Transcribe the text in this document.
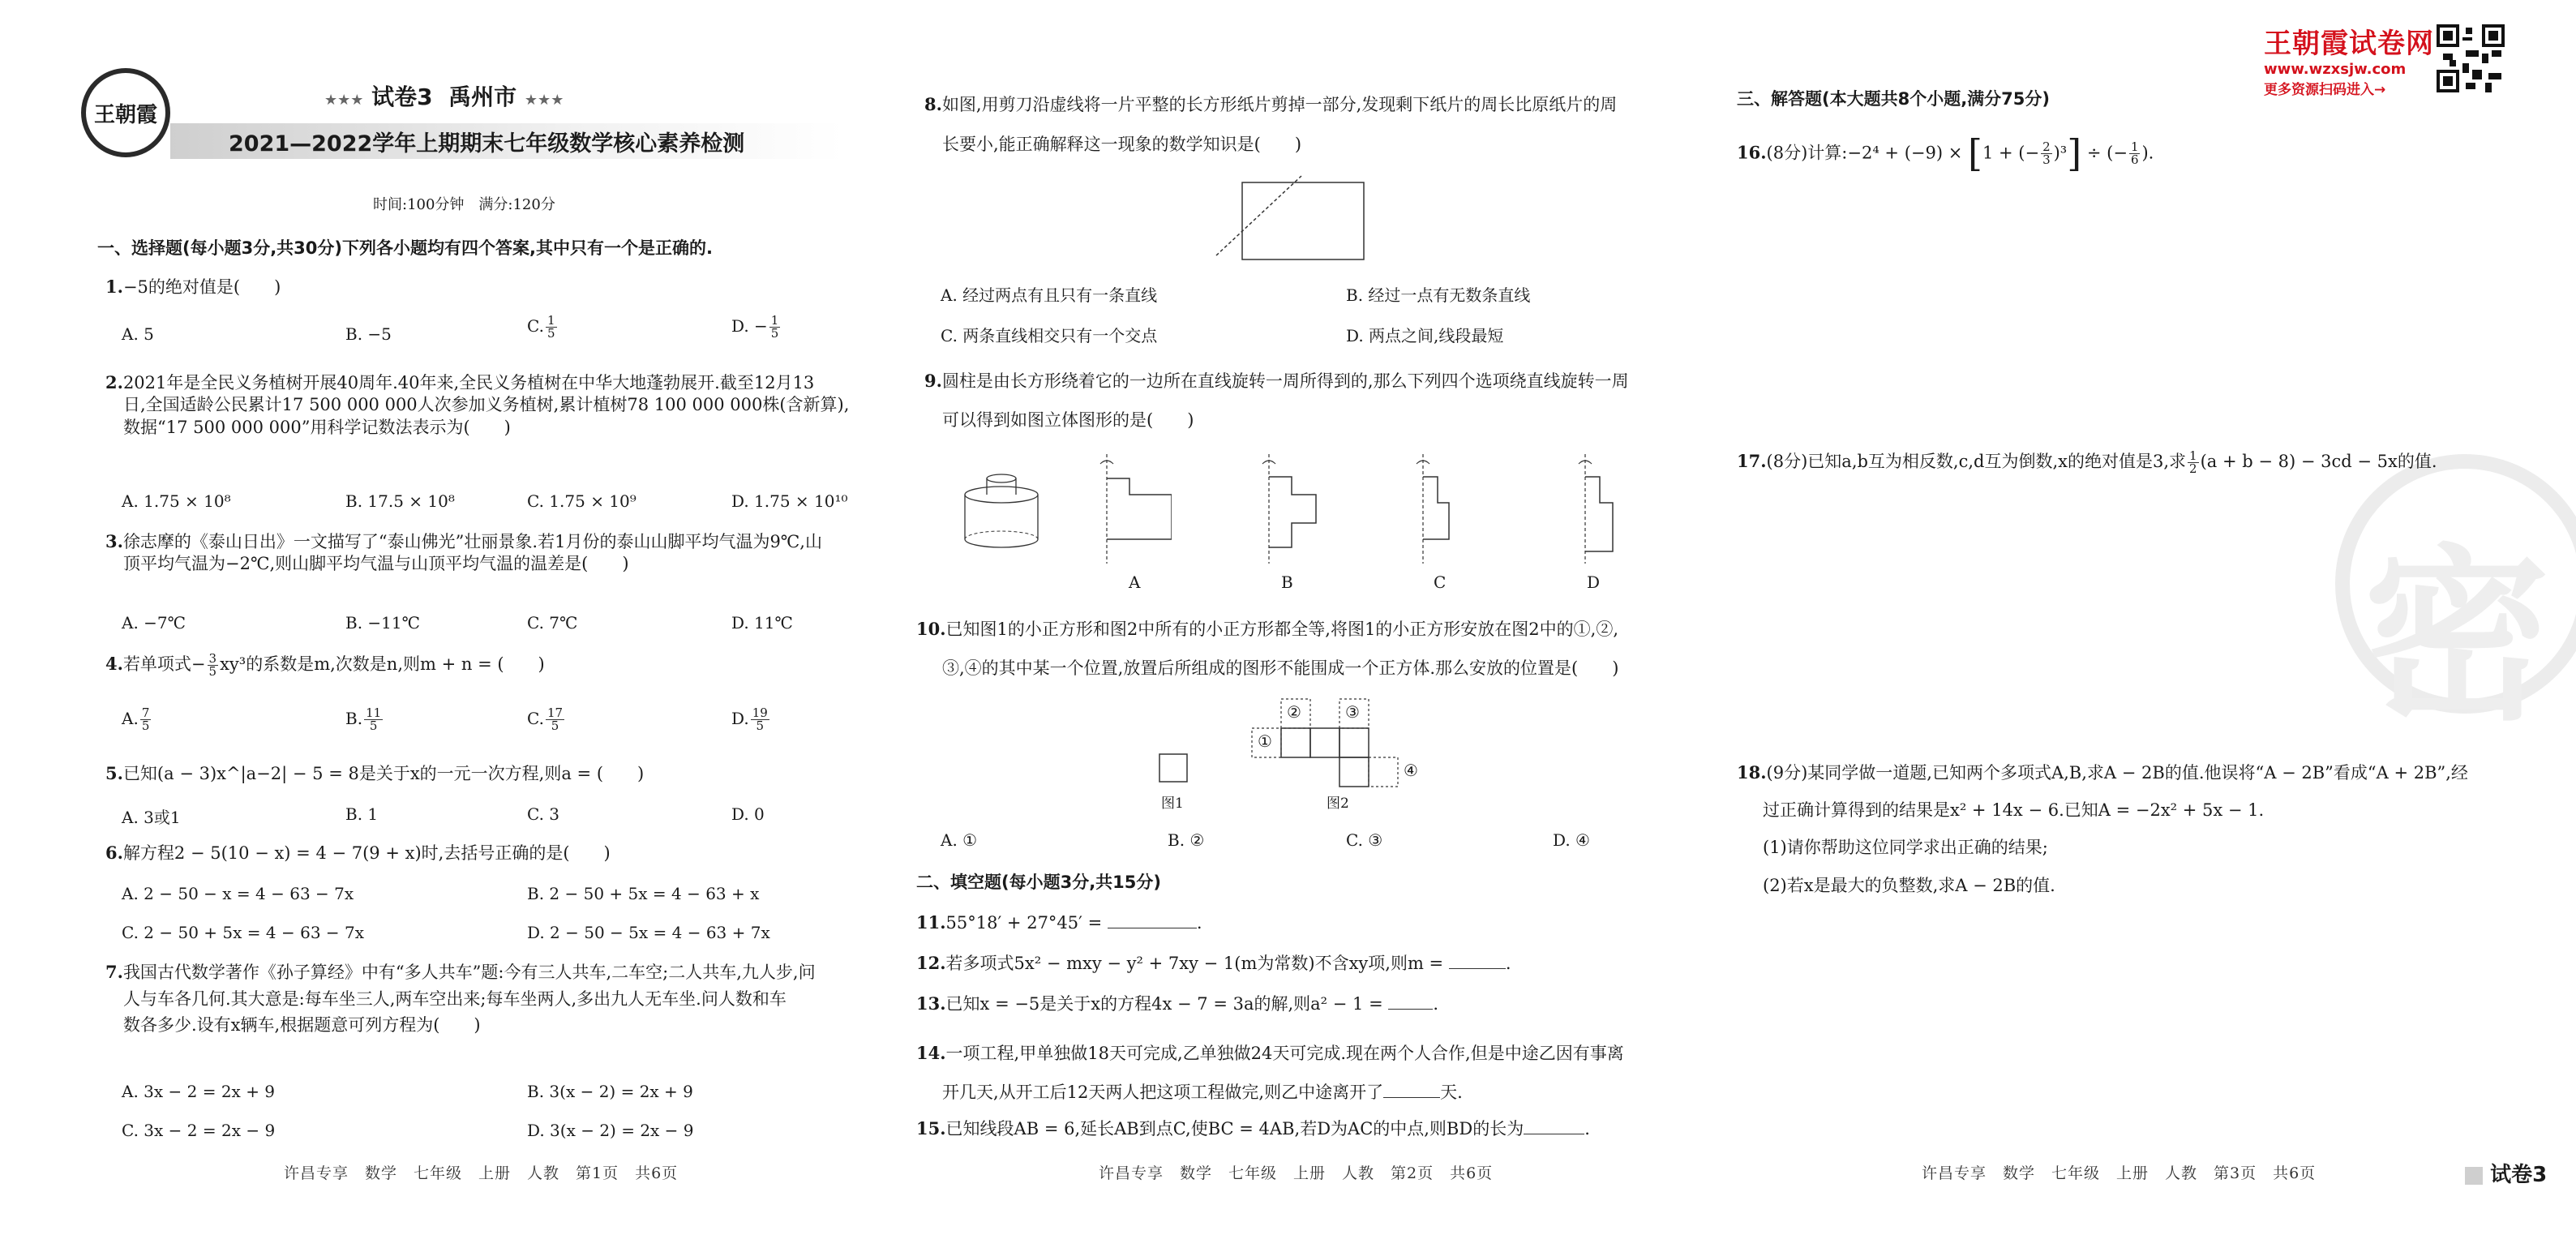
王朝霞
★★★ 试卷3 禹州市 ★★★
2021—2022学年上期期末七年级数学核心素养检测
时间:100分钟　满分:120分
王朝霞试卷网
www.wzxsjw.com
更多资源扫码进入→
密
一、选择题(每小题3分,共30分)下列各小题均有四个答案,其中只有一个是正确的.
1.−5的绝对值是(　　)
A. 5	B. −5	C. $\frac{1}{5}$	D. − $\frac{1}{5}$
2.2021年是全民义务植树开展40周年.40年来,全民义务植树在中华大地蓬勃展开.截至12月13
日,全国适龄公民累计17 500 000 000人次参加义务植树,累计植树78 100 000 000株(含新算),
数据“17 500 000 000”用科学记数法表示为(　　)
A. 1.75 × 10⁸	B. 17.5 × 10⁸	C. 1.75 × 10⁹	D. 1.75 × 10¹⁰
3.徐志摩的《泰山日出》一文描写了“泰山佛光”壮丽景象.若1月份的泰山山脚平均气温为9℃,山
顶平均气温为−2℃,则山脚平均气温与山顶平均气温的温差是(　　)
A. −7℃	B. −11℃	C. 7℃	D. 11℃
4.若单项式− $\frac{3}{5} xy^3$的系数是m,次数是n,则m + n = (　　)
A. $\frac{7}{5}$	B. $\frac{11}{5}$	C. $\frac{17}{5}$	D. $\frac{19}{5}$
5.已知(a − 3)x^|a−2| − 5 = 8是关于x的一元一次方程,则a = (　　)
A. 3或1	B. 1	C. 3	D. 0
6.解方程2 − 5(10 − x) = 4 − 7(9 + x)时,去括号正确的是(　　)
A. 2 − 50 − x = 4 − 63 − 7x	B. 2 − 50 + 5x = 4 − 63 + x
C. 2 − 50 + 5x = 4 − 63 − 7x	D. 2 − 50 − 5x = 4 − 63 + 7x
7.我国古代数学著作《孙子算经》中有“多人共车”题:今有三人共车,二车空;二人共车,九人步,问
人与车各几何.其大意是:每车坐三人,两车空出来;每车坐两人,多出九人无车坐.问人数和车
数各多少.设有x辆车,根据题意可列方程为(　　)
A. 3x − 2 = 2x + 9	B. 3(x − 2) = 2x + 9
C. 3x − 2 = 2x − 9	D. 3(x − 2) = 2x − 9
许昌专享　数学　七年级　上册　人教　第1页　共6页
8.如图,用剪刀沿虚线将一片平整的长方形纸片剪掉一部分,发现剩下纸片的周长比原纸片的周
长要小,能正确解释这一现象的数学知识是(　　)
A. 经过两点有且只有一条直线	B. 经过一点有无数条直线
C. 两条直线相交只有一个交点	D. 两点之间,线段最短
9.圆柱是由长方形绕着它的一边所在直线旋转一周所得到的,那么下列四个选项绕直线旋转一周
可以得到如图立体图形的是(　　)
A	B	C	D
10.已知图1的小正方形和图2中所有的小正方形都全等,将图1的小正方形安放在图2中的①,②,
③,④的其中某一个位置,放置后所组成的图形不能围成一个正方体.那么安放的位置是(　　)
图1
②	③
①
④
图2
A. ①	B. ②	C. ③	D. ④
二、填空题(每小题3分,共15分)
11.55°18′ + 27°45′ =	.
12.若多项式5x² − mxy − y² + 7xy − 1(m为常数)不含xy项,则m =	.
13.已知x = −5是关于x的方程4x − 7 = 3a的解,则a² − 1 =	.
14.一项工程,甲单独做18天可完成,乙单独做24天可完成.现在两个人合作,但是中途乙因有事离
开几天,从开工后12天两人把这项工程做完,则乙中途离开了	天.
15.已知线段AB = 6,延长AB到点C,使BC = 4AB,若D为AC的中点,则BD的长为	.
许昌专享　数学　七年级　上册　人教　第2页　共6页
三、解答题(本大题共8个小题,满分75分)
16.(8分)计算:−2⁴ + (−9) × [1 + (− $\frac{2}{3} )^3$] ÷ (− $\frac{1}{6}$ ).
17.(8分)已知a,b互为相反数,c,d互为倒数,x的绝对值是3,求 $\frac{1}{2} (a + b - 8) - 3cd - 5x$的值.
18.(9分)某同学做一道题,已知两个多项式A,B,求A − 2B的值.他误将“A − 2B”看成“A + 2B”,经
过正确计算得到的结果是x² + 14x − 6.已知A = −2x² + 5x − 1.
(1)请你帮助这位同学求出正确的结果;
(2)若x是最大的负整数,求A − 2B的值.
许昌专享　数学　七年级　上册　人教　第3页　共6页	试卷3
